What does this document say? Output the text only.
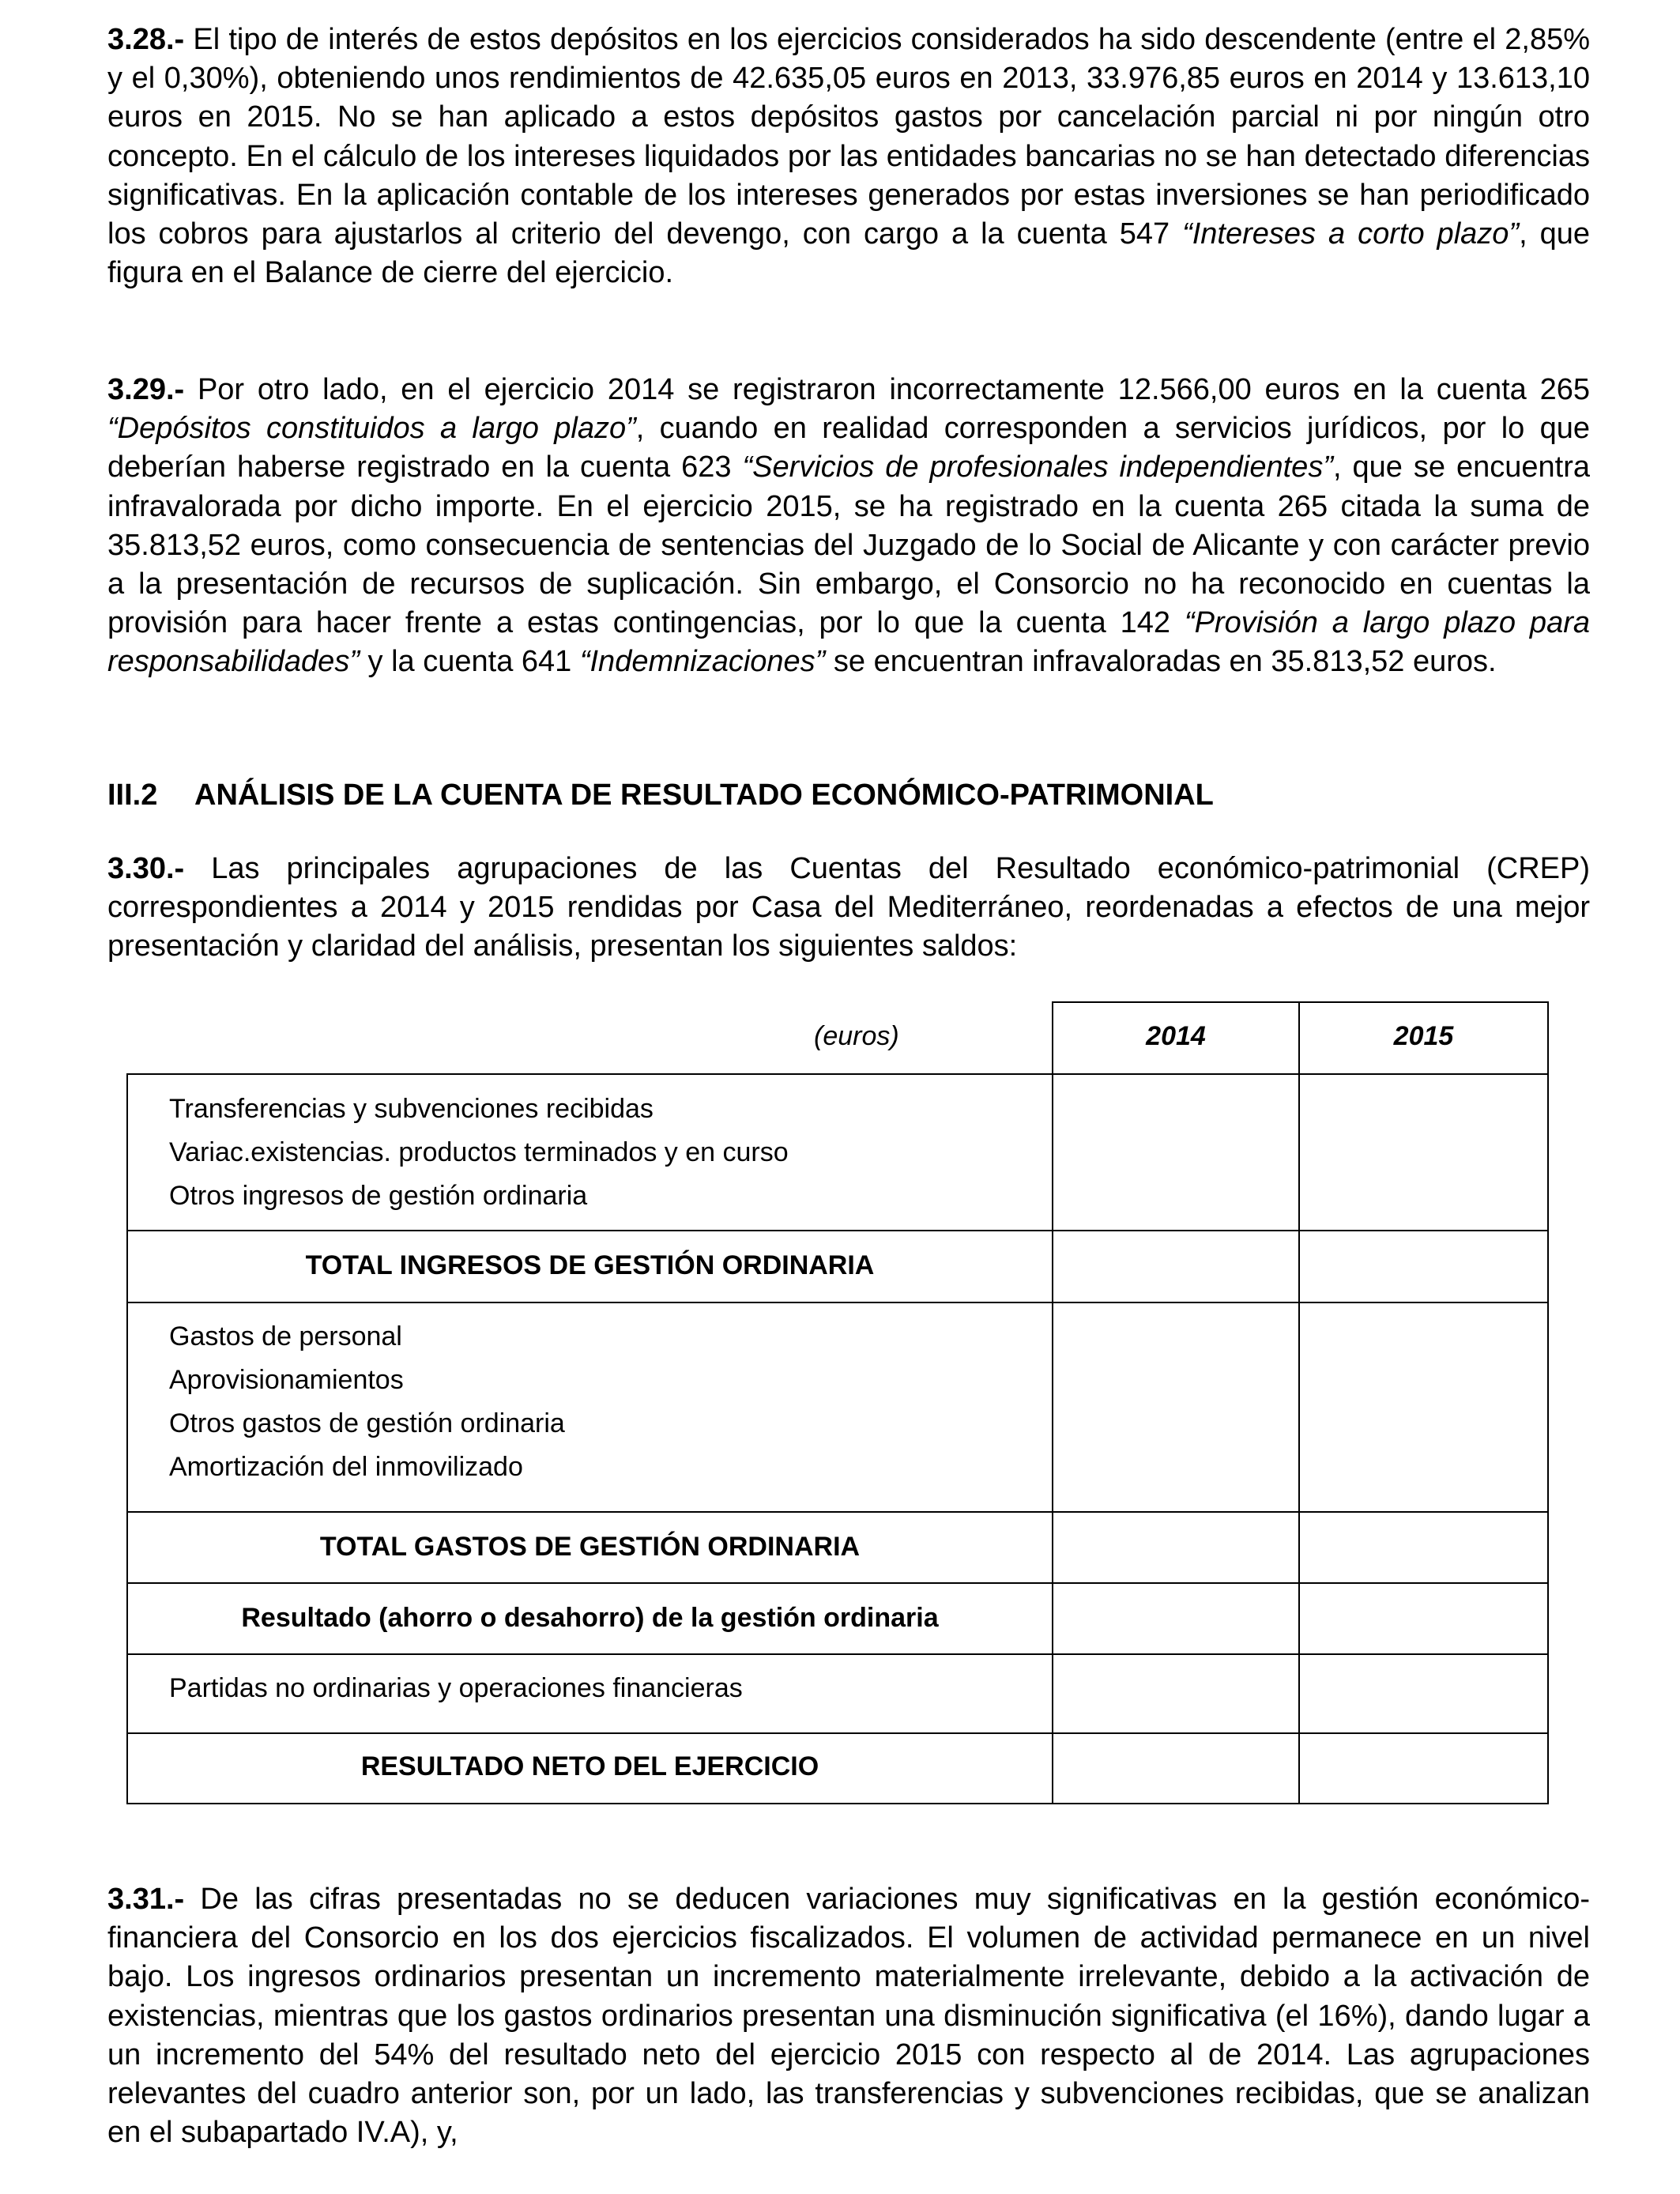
3.28.- El tipo de interés de estos depósitos en los ejercicios considerados ha sido descendente (entre el 2,85% y el 0,30%), obteniendo unos rendimientos de 42.635,05 euros en 2013, 33.976,85 euros en 2014 y 13.613,10 euros en 2015. No se han aplicado a estos depósitos gastos por cancelación parcial ni por ningún otro concepto. En el cálculo de los intereses liquidados por las entidades bancarias no se han detectado diferencias significativas. En la aplicación contable de los intereses generados por estas inversiones se han periodificado los cobros para ajustarlos al criterio del devengo, con cargo a la cuenta 547 “Intereses a corto plazo”, que figura en el Balance de cierre del ejercicio.

3.29.- Por otro lado, en el ejercicio 2014 se registraron incorrectamente 12.566,00 euros en la cuenta 265 “Depósitos constituidos a largo plazo”, cuando en realidad corresponden a servicios jurídicos, por lo que deberían haberse registrado en la cuenta 623 “Servicios de profesionales independientes”, que se encuentra infravalorada por dicho importe. En el ejercicio 2015, se ha registrado en la cuenta 265 citada la suma de 35.813,52 euros, como consecuencia de sentencias del Juzgado de lo Social de Alicante y con carácter previo a la presentación de recursos de suplicación. Sin embargo, el Consorcio no ha reconocido en cuentas la provisión para hacer frente a estas contingencias, por lo que la cuenta 142 “Provisión a largo plazo para responsabilidades” y la cuenta 641 “Indemnizaciones” se encuentran infravaloradas en 35.813,52 euros.

III.2 ANÁLISIS DE LA CUENTA DE RESULTADO ECONÓMICO-PATRIMONIAL

3.30.- Las principales agrupaciones de las Cuentas del Resultado económico-patrimonial (CREP) correspondientes a 2014 y 2015 rendidas por Casa del Mediterráneo, reordenadas a efectos de una mejor presentación y claridad del análisis, presentan los siguientes saldos:

3.31.- De las cifras presentadas no se deducen variaciones muy significativas en la gestión económico-financiera del Consorcio en los dos ejercicios fiscalizados. El volumen de actividad permanece en un nivel bajo. Los ingresos ordinarios presentan un incremento materialmente irrelevante, debido a la activación de existencias, mientras que los gastos ordinarios presentan una disminución significativa (el 16%), dando lugar a un incremento del 54% del resultado neto del ejercicio 2015 con respecto al de 2014. Las agrupaciones relevantes del cuadro anterior son, por un lado, las transferencias y subvenciones recibidas, que se analizan en el subapartado IV.A), y,

(euros)	2014	2015
Transferencias y subvenciones recibidas
Variac.existencias. productos terminados y en curso
Otros ingresos de gestión ordinaria
TOTAL INGRESOS DE GESTIÓN ORDINARIA
Gastos de personal
Aprovisionamientos
Otros gastos de gestión ordinaria
Amortización del inmovilizado
TOTAL GASTOS DE GESTIÓN ORDINARIA
Resultado (ahorro o desahorro) de la gestión ordinaria
Partidas no ordinarias y operaciones financieras
RESULTADO NETO DEL EJERCICIO
